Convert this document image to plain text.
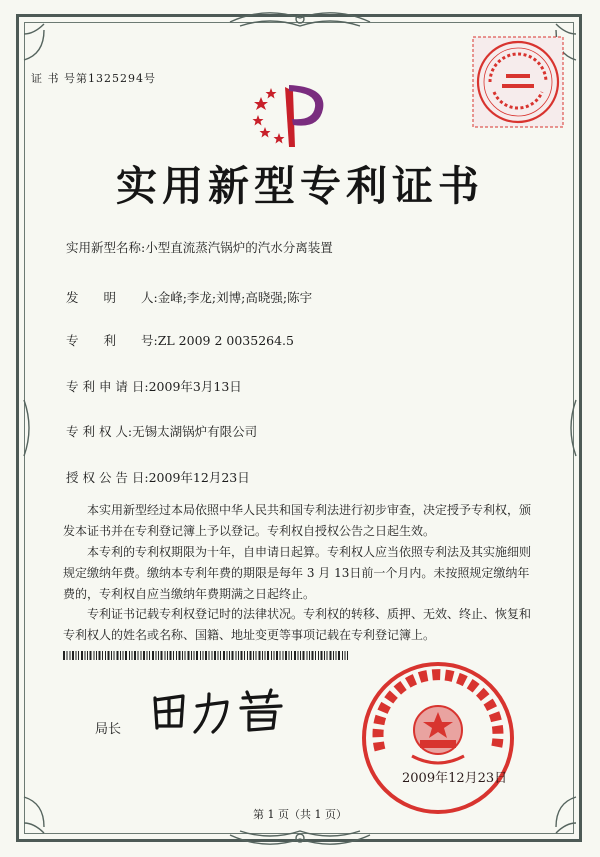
证 书 号第1325294号
实用新型专利证书
实用新型名称:小型直流蒸汽锅炉的汽水分离装置
发　　明　　人:金峰;李龙;刘博;高晓强;陈宇
专　　利　　号:ZL 2009 2 0035264.5
专 利 申 请 日:2009年3月13日
专 利 权 人:无锡太湖锅炉有限公司
授 权 公 告 日:2009年12月23日
本实用新型经过本局依照中华人民共和国专利法进行初步审查，决定授予专利权，颁发本证书并在专利登记簿上予以登记。专利权自授权公告之日起生效。
本专利的专利权期限为十年，自申请日起算。专利权人应当依照专利法及其实施细则规定缴纳年费。缴纳本专利年费的期限是每年 3 月 13日前一个月内。未按照规定缴纳年费的，专利权自应当缴纳年费期满之日起终止。
专利证书记载专利权登记时的法律状况。专利权的转移、质押、无效、终止、恢复和专利权人的姓名或名称、国籍、地址变更等事项记载在专利登记簿上。
局长
2009年12月23日
第 1 页（共 1 页）
